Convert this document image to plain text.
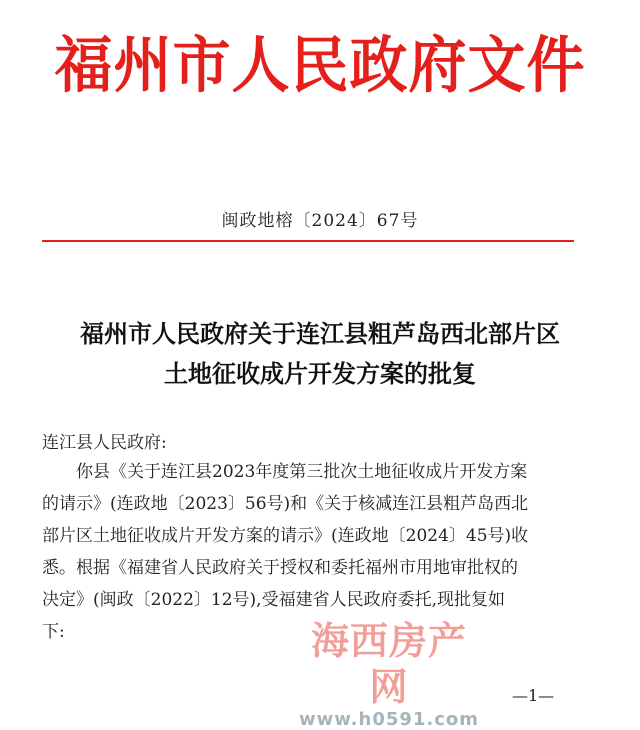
福州市人民政府文件
闽政地榕〔2024〕67号
福州市人民政府关于连江县粗芦岛西北部片区
土地征收成片开发方案的批复
连江县人民政府:
你县《关于连江县2023年度第三批次土地征收成片开发方案
的请示》(连政地〔2023〕56号)和《关于核减连江县粗芦岛西北
部片区土地征收成片开发方案的请示》(连政地〔2024〕45号)收
悉。根据《福建省人民政府关于授权和委托福州市用地审批权的
决定》(闽政〔2022〕12号),受福建省人民政府委托,现批复如
下:	海西房产网
www.h0591.com
—1—
